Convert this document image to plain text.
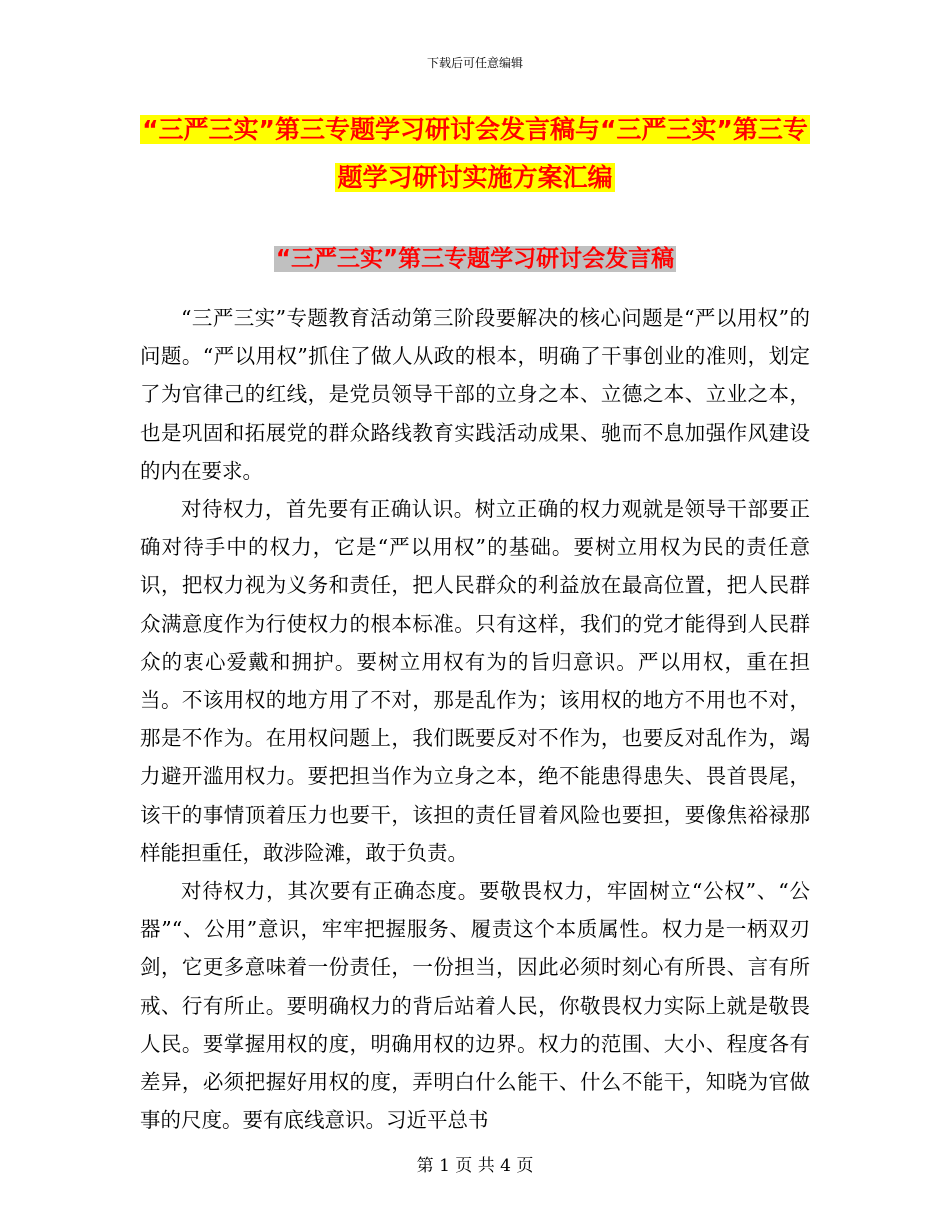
下载后可任意编辑
“三严三实”第三专题学习研讨会发言稿与“三严三实”第三专题学习研讨实施方案汇编
“三严三实”第三专题学习研讨会发言稿

“三严三实”专题教育活动第三阶段要解决的核心问题是“严以用权”的问题。“严以用权”抓住了做人从政的根本，明确了干事创业的准则，划定了为官律己的红线，是党员领导干部的立身之本、立德之本、立业之本，也是巩固和拓展党的群众路线教育实践活动成果、驰而不息加强作风建设的内在要求。

对待权力，首先要有正确认识。树立正确的权力观就是领导干部要正确对待手中的权力，它是“严以用权”的基础。要树立用权为民的责任意识，把权力视为义务和责任，把人民群众的利益放在最高位置，把人民群众满意度作为行使权力的根本标准。只有这样，我们的党才能得到人民群众的衷心爱戴和拥护。要树立用权有为的旨归意识。严以用权，重在担当。不该用权的地方用了不对，那是乱作为；该用权的地方不用也不对，那是不作为。在用权问题上，我们既要反对不作为，也要反对乱作为，竭力避开滥用权力。要把担当作为立身之本，绝不能患得患失、畏首畏尾，该干的事情顶着压力也要干，该担的责任冒着风险也要担，要像焦裕禄那样能担重任，敢涉险滩，敢于负责。

对待权力，其次要有正确态度。要敬畏权力，牢固树立“公权”、“公器”“、公用”意识，牢牢把握服务、履责这个本质属性。权力是一柄双刃剑，它更多意味着一份责任，一份担当，因此必须时刻心有所畏、言有所戒、行有所止。要明确权力的背后站着人民，你敬畏权力实际上就是敬畏人民。要掌握用权的度，明确用权的边界。权力的范围、大小、程度各有差异，必须把握好用权的度，弄明白什么能干、什么不能干，知晓为官做事的尺度。要有底线意识。习近平总书

第 1 页 共 4 页
